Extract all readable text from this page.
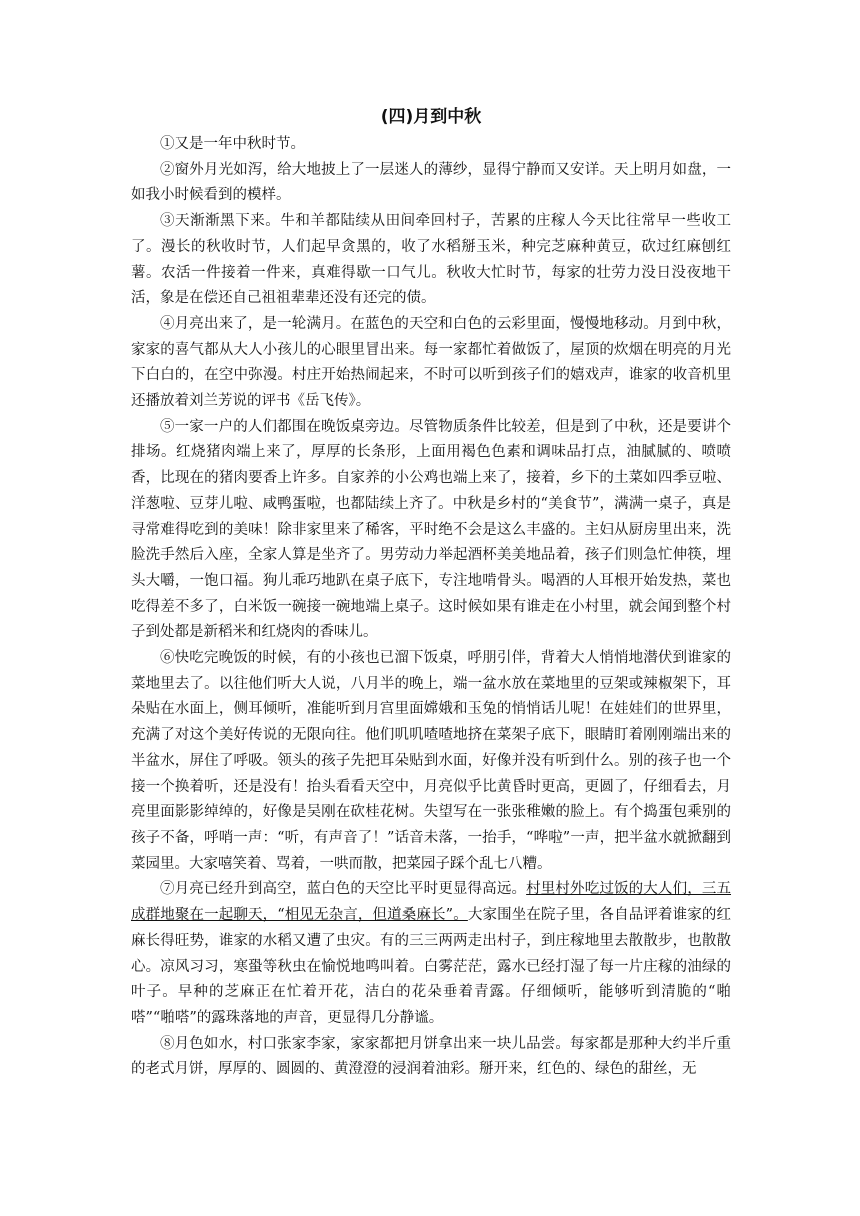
(四)月到中秋

①又是一年中秋时节。

②窗外月光如泻，给大地披上了一层迷人的薄纱，显得宁静而又安详。天上明月如盘，一如我小时候看到的模样。

③天渐渐黑下来。牛和羊都陆续从田间牵回村子，苦累的庄稼人今天比往常早一些收工了。漫长的秋收时节，人们起早贪黑的，收了水稻掰玉米，种完芝麻种黄豆，砍过红麻刨红薯。农活一件接着一件来，真难得歇一口气儿。秋收大忙时节，每家的壮劳力没日没夜地干活，象是在偿还自己祖祖辈辈还没有还完的债。

④月亮出来了，是一轮满月。在蓝色的天空和白色的云彩里面，慢慢地移动。月到中秋，家家的喜气都从大人小孩儿的心眼里冒出来。每一家都忙着做饭了，屋顶的炊烟在明亮的月光下白白的，在空中弥漫。村庄开始热闹起来，不时可以听到孩子们的嬉戏声，谁家的收音机里还播放着刘兰芳说的评书《岳飞传》。

⑤一家一户的人们都围在晚饭桌旁边。尽管物质条件比较差，但是到了中秋，还是要讲个排场。红烧猪肉端上来了，厚厚的长条形，上面用褐色色素和调味品打点，油腻腻的、喷喷香，比现在的猪肉要香上许多。自家养的小公鸡也端上来了，接着，乡下的土菜如四季豆啦、洋葱啦、豆芽儿啦、咸鸭蛋啦，也都陆续上齐了。中秋是乡村的“美食节”，满满一桌子，真是寻常难得吃到的美味！除非家里来了稀客，平时绝不会是这么丰盛的。主妇从厨房里出来，洗脸洗手然后入座，全家人算是坐齐了。男劳动力举起酒杯美美地品着，孩子们则急忙伸筷，埋头大嚼，一饱口福。狗儿乖巧地趴在桌子底下，专注地啃骨头。喝酒的人耳根开始发热，菜也吃得差不多了，白米饭一碗接一碗地端上桌子。这时候如果有谁走在小村里，就会闻到整个村子到处都是新稻米和红烧肉的香味儿。

⑥快吃完晚饭的时候，有的小孩也已溜下饭桌，呼朋引伴，背着大人悄悄地潜伏到谁家的菜地里去了。以往他们听大人说，八月半的晚上，端一盆水放在菜地里的豆架或辣椒架下，耳朵贴在水面上，侧耳倾听，准能听到月宫里面嫦娥和玉兔的悄悄话儿呢！在娃娃们的世界里，充满了对这个美好传说的无限向往。他们叽叽喳喳地挤在菜架子底下，眼睛盯着刚刚端出来的半盆水，屏住了呼吸。领头的孩子先把耳朵贴到水面，好像并没有听到什么。别的孩子也一个接一个换着听，还是没有！抬头看看天空中，月亮似乎比黄昏时更高，更圆了，仔细看去，月亮里面影影绰绰的，好像是吴刚在砍桂花树。失望写在一张张稚嫩的脸上。有个捣蛋包乘别的孩子不备，呼哨一声：“听，有声音了！”话音未落，一抬手，“哗啦”一声，把半盆水就掀翻到菜园里。大家嘻笑着、骂着，一哄而散，把菜园子踩个乱七八糟。

⑦月亮已经升到高空，蓝白色的天空比平时更显得高远。村里村外吃过饭的大人们，三五成群地聚在一起聊天，“相见无杂言，但道桑麻长”。大家围坐在院子里，各自品评着谁家的红麻长得旺势，谁家的水稻又遭了虫灾。有的三三两两走出村子，到庄稼地里去散散步，也散散心。凉风习习，寒蛩等秋虫在愉悦地鸣叫着。白雾茫茫，露水已经打湿了每一片庄稼的油绿的叶子。早种的芝麻正在忙着开花，洁白的花朵垂着青露。仔细倾听，能够听到清脆的“啪嗒”“啪嗒”的露珠落地的声音，更显得几分静谧。

⑧月色如水，村口张家李家，家家都把月饼拿出来一块儿品尝。每家都是那种大约半斤重的老式月饼，厚厚的、圆圆的、黄澄澄的浸润着油彩。掰开来，红色的、绿色的甜丝，无
